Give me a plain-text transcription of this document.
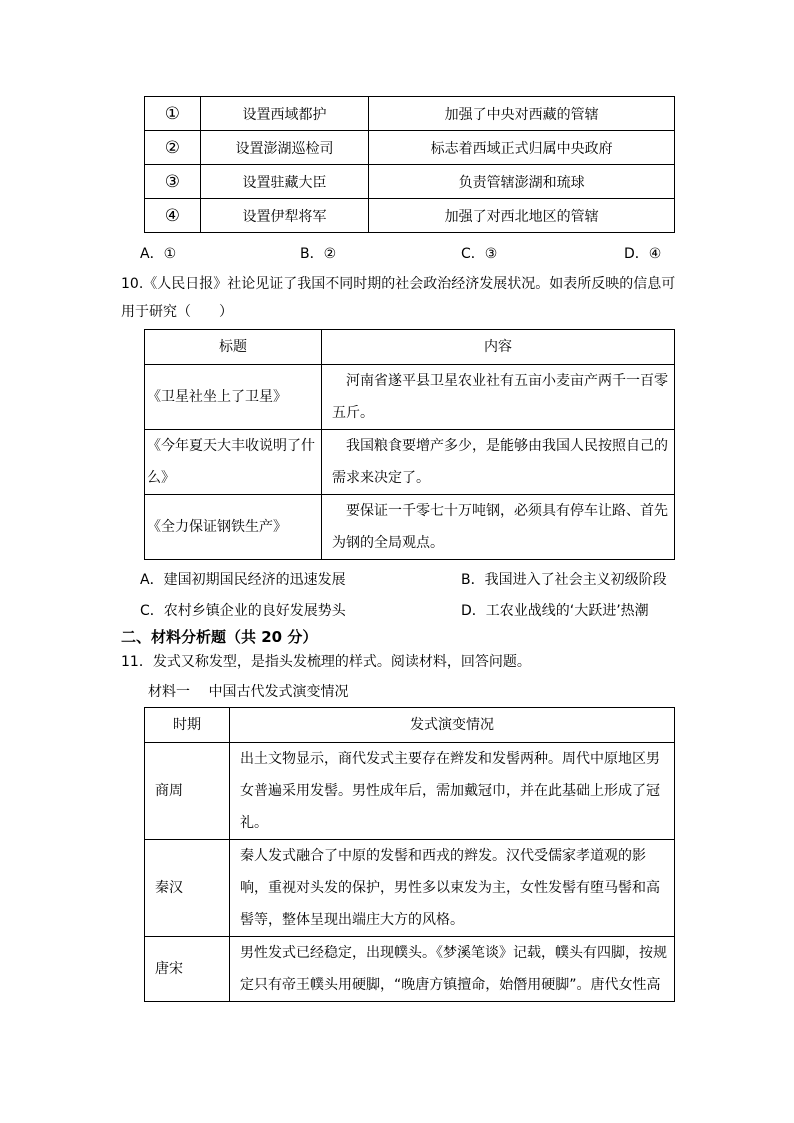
①	设置西域都护	加强了中央对西藏的管辖
②	设置澎湖巡检司	标志着西域正式归属中央政府
③	设置驻藏大臣	负责管辖澎湖和琉球
④	设置伊犁将军	加强了对西北地区的管辖
A．①	B．②	C．③	D．④
10.《人民日报》社论见证了我国不同时期的社会政治经济发展状况。如表所反映的信息可用于研究（　　）
标题	内容
《卫星社坐上了卫星》	河南省遂平县卫星农业社有五亩小麦亩产两千一百零五斤。
《今年夏天大丰收说明了什么》	我国粮食要增产多少，是能够由我国人民按照自己的需求来决定了。
《全力保证钢铁生产》	要保证一千零七十万吨钢，必须具有停车让路、首先为钢的全局观点。
A．建国初期国民经济的迅速发展	B．我国进入了社会主义初级阶段
C．农村乡镇企业的良好发展势头	D．工农业战线的‘大跃进’热潮
二、材料分析题（共 20 分）
11．发式又称发型，是指头发梳理的样式。阅读材料，回答问题。
材料一　 中国古代发式演变情况
时期	发式演变情况
商周	出土文物显示，商代发式主要存在辫发和发髻两种。周代中原地区男女普遍采用发髻。男性成年后，需加戴冠巾，并在此基础上形成了冠礼。
秦汉	秦人发式融合了中原的发髻和西戎的辫发。汉代受儒家孝道观的影响，重视对头发的保护，男性多以束发为主，女性发髻有堕马髻和高髻等，整体呈现出端庄大方的风格。
唐宋	男性发式已经稳定，出现幞头。《梦溪笔谈》记载，幞头有四脚，按规定只有帝王幞头用硬脚，“晚唐方镇擅命，始僭用硬脚”。唐代女性高
